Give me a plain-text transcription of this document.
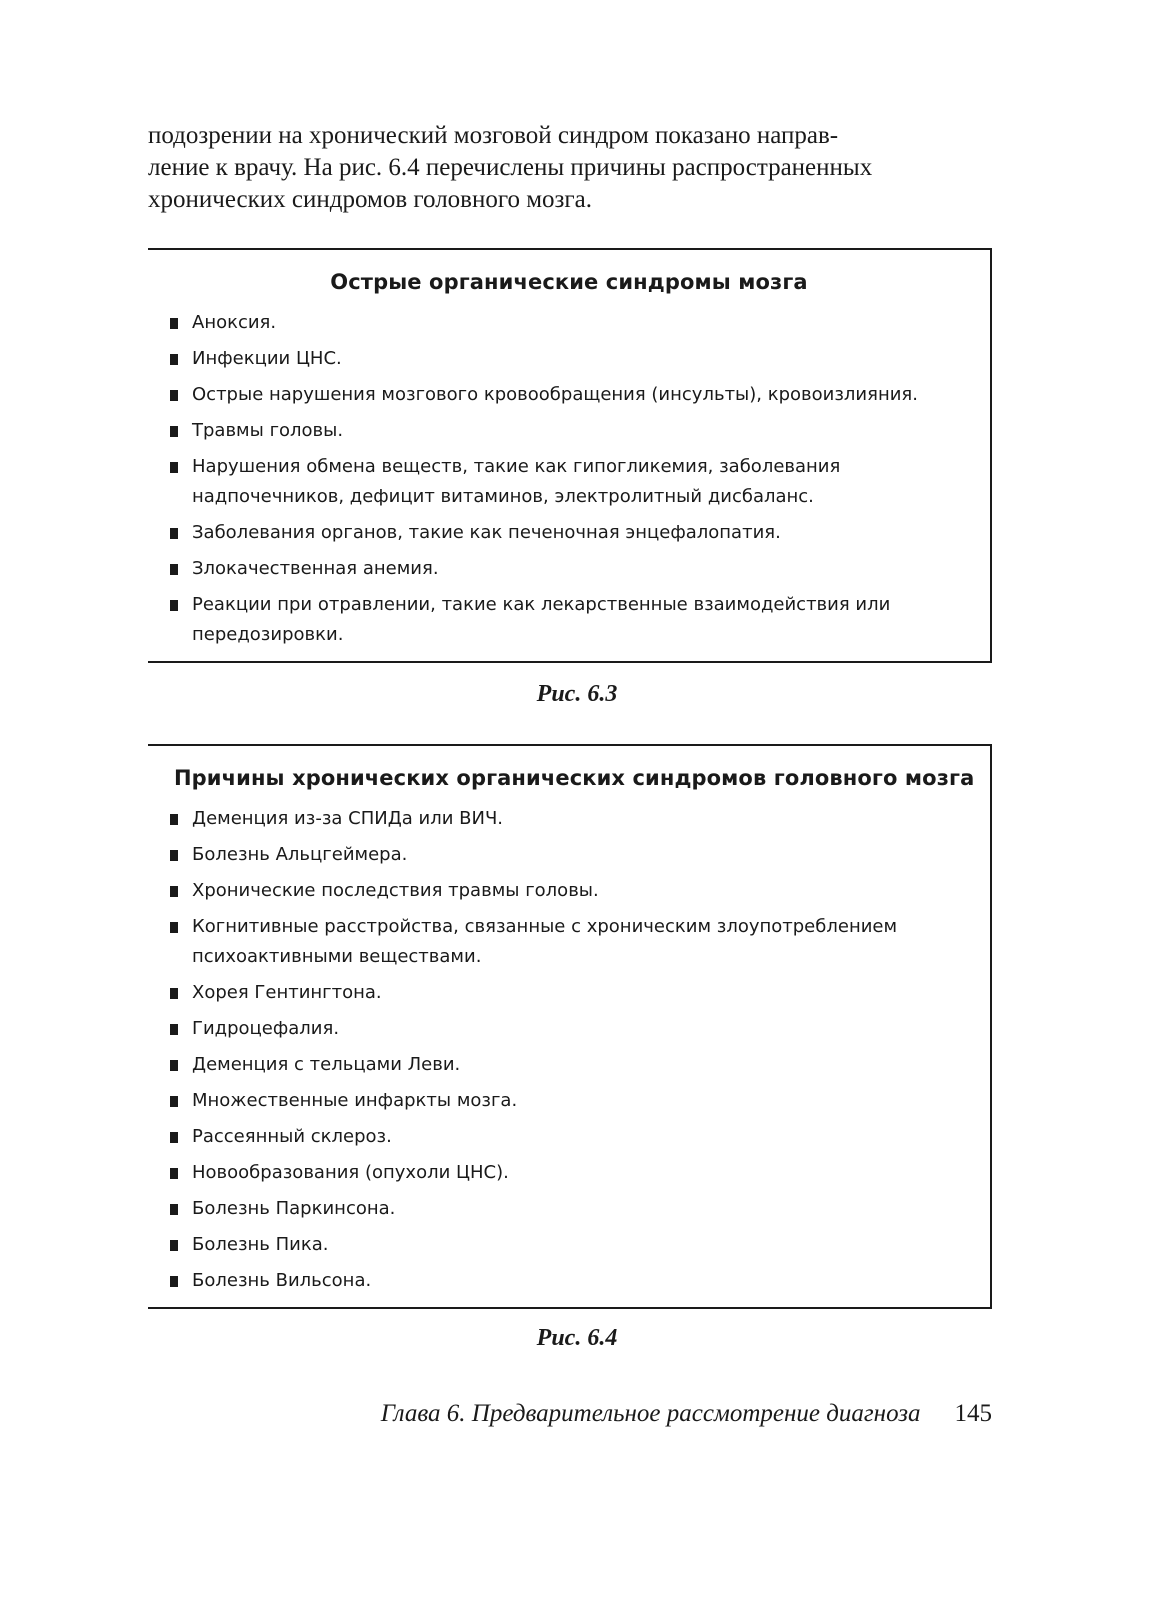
подозрении на хронический мозговой синдром показано направ-
ление к врачу. На рис. 6.4 перечислены причины распространенных
хронических синдромов головного мозга.

Острые органические синдромы мозга
Аноксия.
Инфекции ЦНС.
Острые нарушения мозгового кровообращения (инсульты), кровоизлияния.
Травмы головы.
Нарушения обмена веществ, такие как гипогликемия, заболевания
надпочечников, дефицит витаминов, электролитный дисбаланс.
Заболевания органов, такие как печеночная энцефалопатия.
Злокачественная анемия.
Реакции при отравлении, такие как лекарственные взаимодействия или
передозировки.

Рис. 6.3

Причины хронических органических синдромов головного мозга
Деменция из-за СПИДа или ВИЧ.
Болезнь Альцгеймера.
Хронические последствия травмы головы.
Когнитивные расстройства, связанные с хроническим злоупотреблением
психоактивными веществами.
Хорея Гентингтона.
Гидроцефалия.
Деменция с тельцами Леви.
Множественные инфаркты мозга.
Рассеянный склероз.
Новообразования (опухоли ЦНС).
Болезнь Паркинсона.
Болезнь Пика.
Болезнь Вильсона.

Рис. 6.4

Глава 6. Предварительное рассмотрение диагноза 145
